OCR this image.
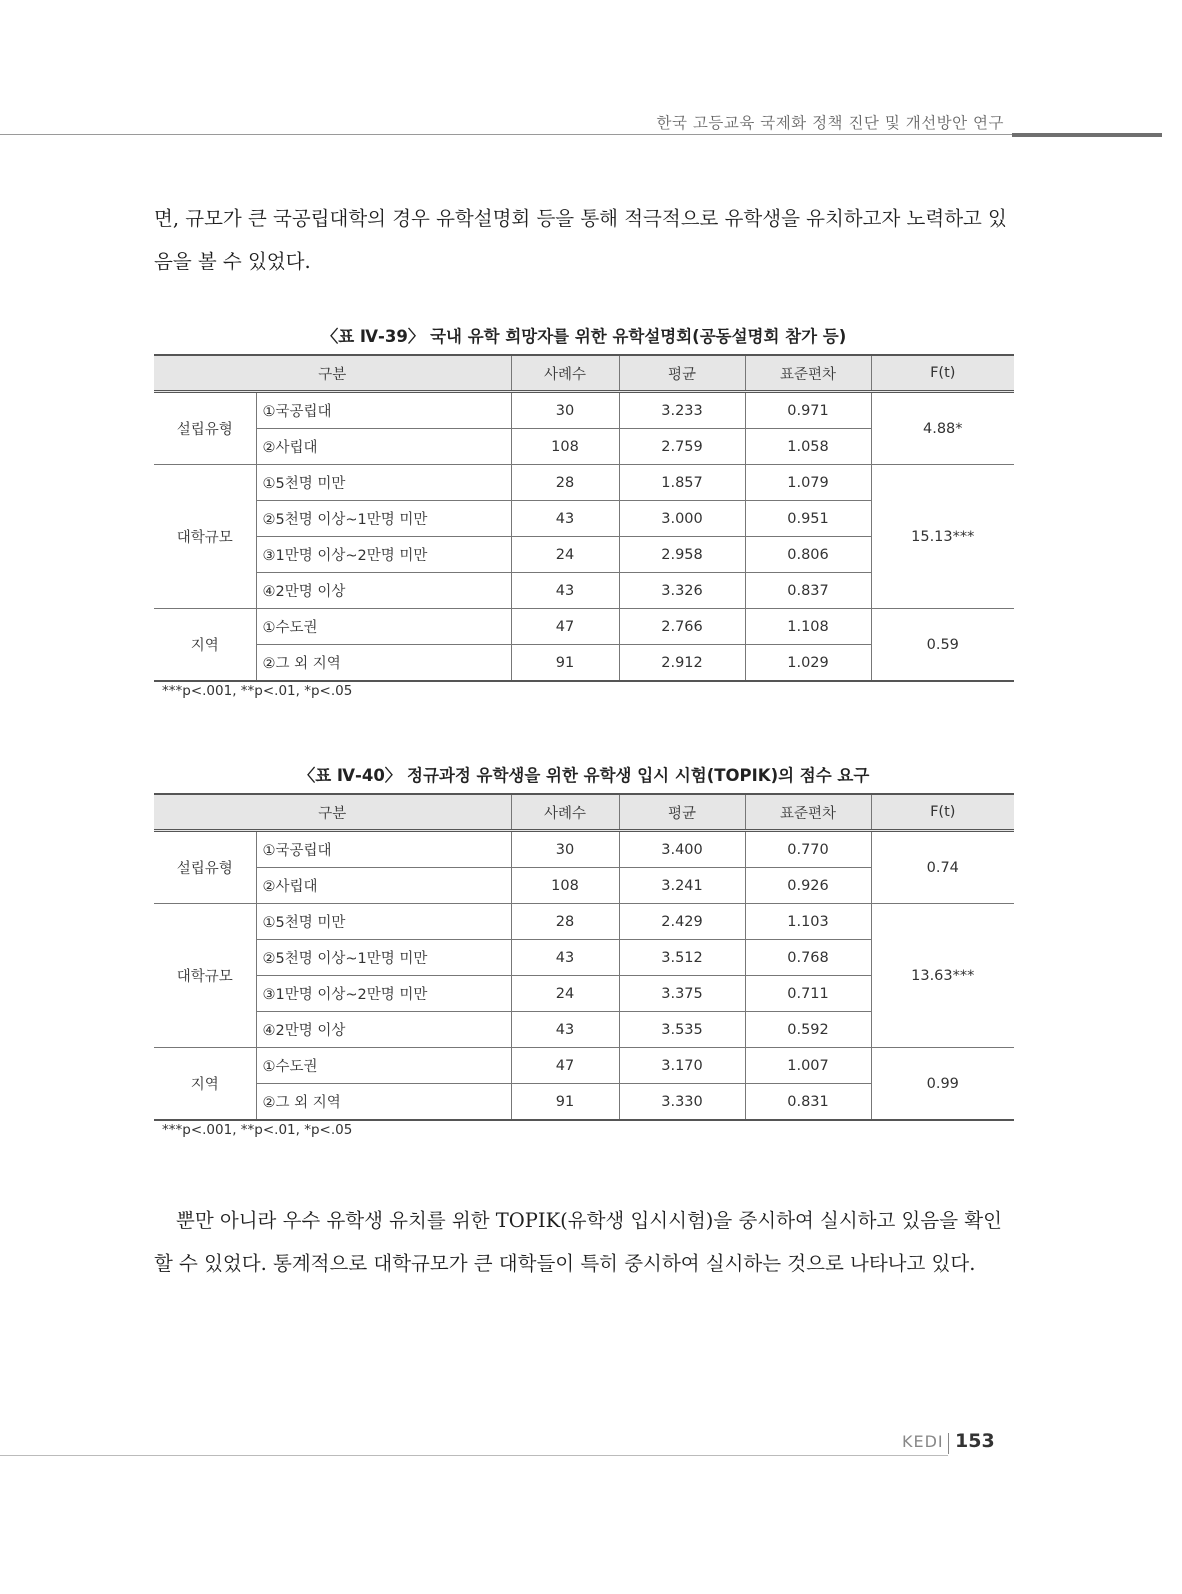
한국 고등교육 국제화 정책 진단 및 개선방안 연구

면, 규모가 큰 국공립대학의 경우 유학설명회 등을 통해 적극적으로 유학생을 유치하고자 노력하고 있음을 볼 수 있었다.

〈표 Ⅳ-39〉 국내 유학 희망자를 위한 유학설명회(공동설명회 참가 등)
구분		사례수	평균	표준편차	F(t)
설립유형	①국공립대	30	3.233	0.971	4.88*
	②사립대	108	2.759	1.058	
대학규모	①5천명 미만	28	1.857	1.079	15.13***
	②5천명 이상~1만명 미만	43	3.000	0.951	
	③1만명 이상~2만명 미만	24	2.958	0.806	
	④2만명 이상	43	3.326	0.837	
지역	①수도권	47	2.766	1.108	0.59
	②그 외 지역	91	2.912	1.029	
***p<.001, **p<.01, *p<.05
〈표 Ⅳ-40〉 정규과정 유학생을 위한 유학생 입시 시험(TOPIK)의 점수 요구
구분		사례수	평균	표준편차	F(t)
설립유형	①국공립대	30	3.400	0.770	0.74
	②사립대	108	3.241	0.926	
대학규모	①5천명 미만	28	2.429	1.103	13.63***
	②5천명 이상~1만명 미만	43	3.512	0.768	
	③1만명 이상~2만명 미만	24	3.375	0.711	
	④2만명 이상	43	3.535	0.592	
지역	①수도권	47	3.170	1.007	0.99
	②그 외 지역	91	3.330	0.831	
***p<.001, **p<.01, *p<.05

뿐만 아니라 우수 유학생 유치를 위한 TOPIK(유학생 입시시험)을 중시하여 실시하고 있음을 확인할 수 있었다. 통계적으로 대학규모가 큰 대학들이 특히 중시하여 실시하는 것으로 나타나고 있다.

KEDI 153
